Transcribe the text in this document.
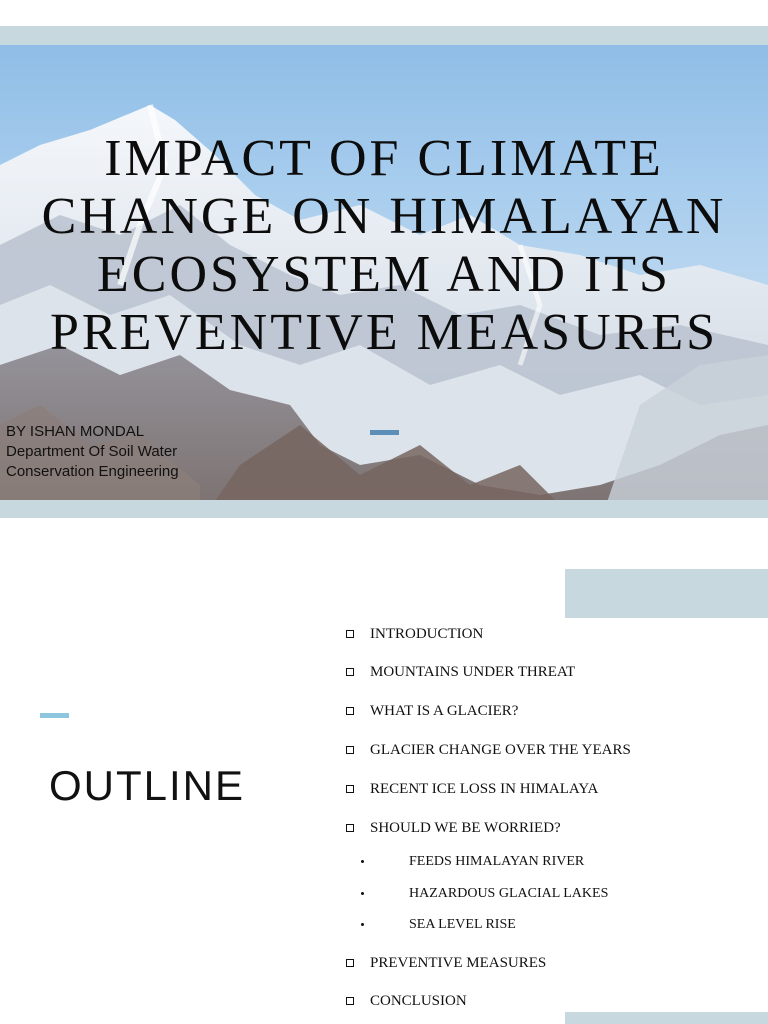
IMPACT OF CLIMATE
CHANGE ON HIMALAYAN
ECOSYSTEM AND ITS
PREVENTIVE MEASURES
BY ISHAN MONDAL
Department Of Soil Water
Conservation Engineering
OUTLINE
INTRODUCTION
MOUNTAINS UNDER THREAT
WHAT IS A GLACIER?
GLACIER CHANGE OVER THE YEARS
RECENT ICE LOSS IN HIMALAYA
SHOULD WE BE WORRIED?
FEEDS HIMALAYAN RIVER
HAZARDOUS GLACIAL LAKES
SEA LEVEL RISE
PREVENTIVE MEASURES
CONCLUSION
